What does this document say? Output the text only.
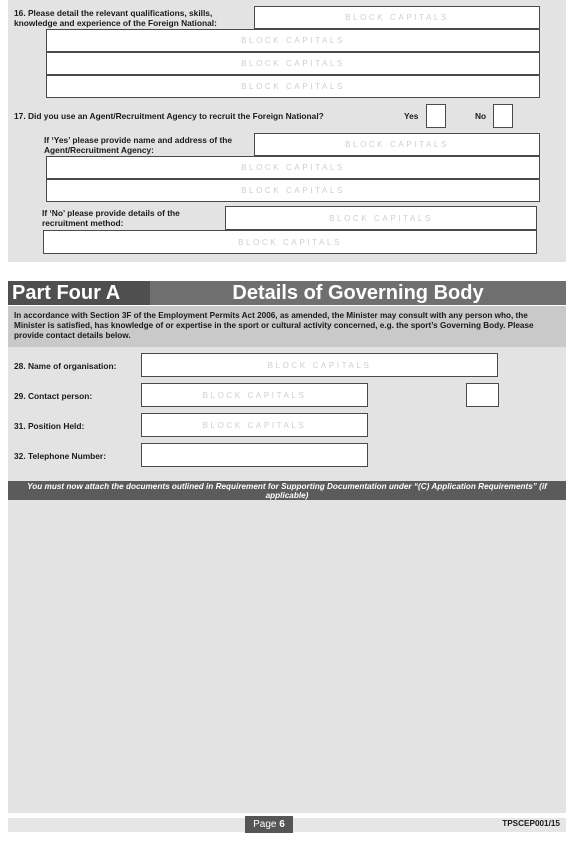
16. Please detail the relevant qualifications, skills, knowledge and experience of the Foreign National:
BLOCK CAPITALS
BLOCK CAPITALS
BLOCK CAPITALS
BLOCK CAPITALS
17. Did you use an Agent/Recruitment Agency to recruit the Foreign National?	Yes	No
If ‘Yes’ please provide name and address of the Agent/Recruitment Agency:
BLOCK CAPITALS
BLOCK CAPITALS
BLOCK CAPITALS
If ‘No’ please provide details of the recruitment method:	BLOCK CAPITALS
BLOCK CAPITALS
Part Four A	Details of Governing Body
In accordance with Section 3F of the Employment Permits Act 2006, as amended, the Minister may consult with any person who, the Minister is satisfied, has knowledge of or expertise in the sport or cultural activity concerned, e.g. the sport’s Governing Body. Please provide contact details below.
28. Name of organisation:	BLOCK CAPITALS
29. Contact person:	BLOCK CAPITALS
31. Position Held:	BLOCK CAPITALS
32. Telephone Number:
You must now attach the documents outlined in Requirement for Supporting Documentation under “(C) Application Requirements” (if applicable)
Page 6	TPSCEP001/15
